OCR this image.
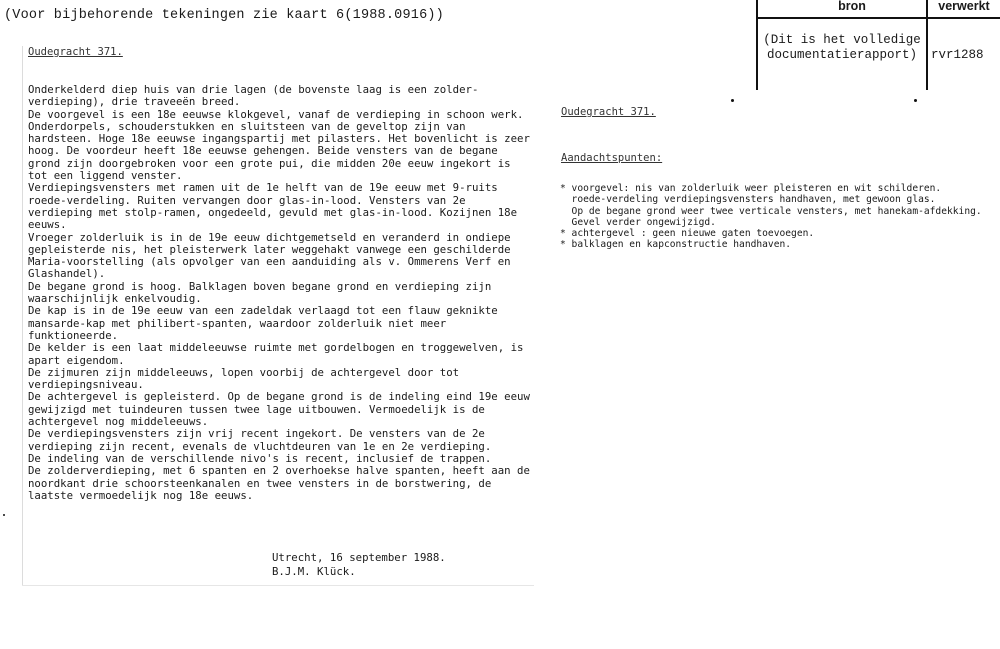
(Voor bijbehorende tekeningen zie kaart 6(1988.0916))
bron	verwerkt
(Dit is het volledige
documentatierapport)	rvr1288
Oudegracht 371.
Onderkelderd diep huis van drie lagen (de bovenste laag is een zolder-
verdieping), drie traveeën breed.
De voorgevel is een 18e eeuwse klokgevel, vanaf de verdieping in schoon werk.
Onderdorpels, schouderstukken en sluitsteen van de geveltop zijn van
hardsteen. Hoge 18e eeuwse ingangspartij met pilasters. Het bovenlicht is zeer
hoog. De voordeur heeft 18e eeuwse gehengen. Beide vensters van de begane
grond zijn doorgebroken voor een grote pui, die midden 20e eeuw ingekort is
tot een liggend venster.
Verdiepingsvensters met ramen uit de 1e helft van de 19e eeuw met 9-ruits
roede-verdeling. Ruiten vervangen door glas-in-lood. Vensters van 2e
verdieping met stolp-ramen, ongedeeld, gevuld met glas-in-lood. Kozijnen 18e
eeuws.
Vroeger zolderluik is in de 19e eeuw dichtgemetseld en veranderd in ondiepe
gepleisterde nis, het pleisterwerk later weggehakt vanwege een geschilderde
Maria-voorstelling (als opvolger van een aanduiding als v. Ommerens Verf en
Glashandel).
De begane grond is hoog. Balklagen boven begane grond en verdieping zijn
waarschijnlijk enkelvoudig.
De kap is in de 19e eeuw van een zadeldak verlaagd tot een flauw geknikte
mansarde-kap met philibert-spanten, waardoor zolderluik niet meer
funktioneerde.
De kelder is een laat middeleeuwse ruimte met gordelbogen en troggewelven, is
apart eigendom.
De zijmuren zijn middeleeuws, lopen voorbij de achtergevel door tot
verdiepingsniveau.
De achtergevel is gepleisterd. Op de begane grond is de indeling eind 19e eeuw
gewijzigd met tuindeuren tussen twee lage uitbouwen. Vermoedelijk is de
achtergevel nog middeleeuws.
De verdiepingsvensters zijn vrij recent ingekort. De vensters van de 2e
verdieping zijn recent, evenals de vluchtdeuren van 1e en 2e verdieping.
De indeling van de verschillende nivo's is recent, inclusief de trappen.
De zolderverdieping, met 6 spanten en 2 overhoekse halve spanten, heeft aan de
noordkant drie schoorsteenkanalen en twee vensters in de borstwering, de
laatste vermoedelijk nog 18e eeuws.
Utrecht, 16 september 1988.
B.J.M. Klück.
Oudegracht 371.
Aandachtspunten:
* voorgevel: nis van zolderluik weer pleisteren en wit schilderen.
roede-verdeling verdiepingsvensters handhaven, met gewoon glas.
Op de begane grond weer twee verticale vensters, met hanekam-afdekking.
Gevel verder ongewijzigd.
* achtergevel : geen nieuwe gaten toevoegen.
* balklagen en kapconstructie handhaven.
